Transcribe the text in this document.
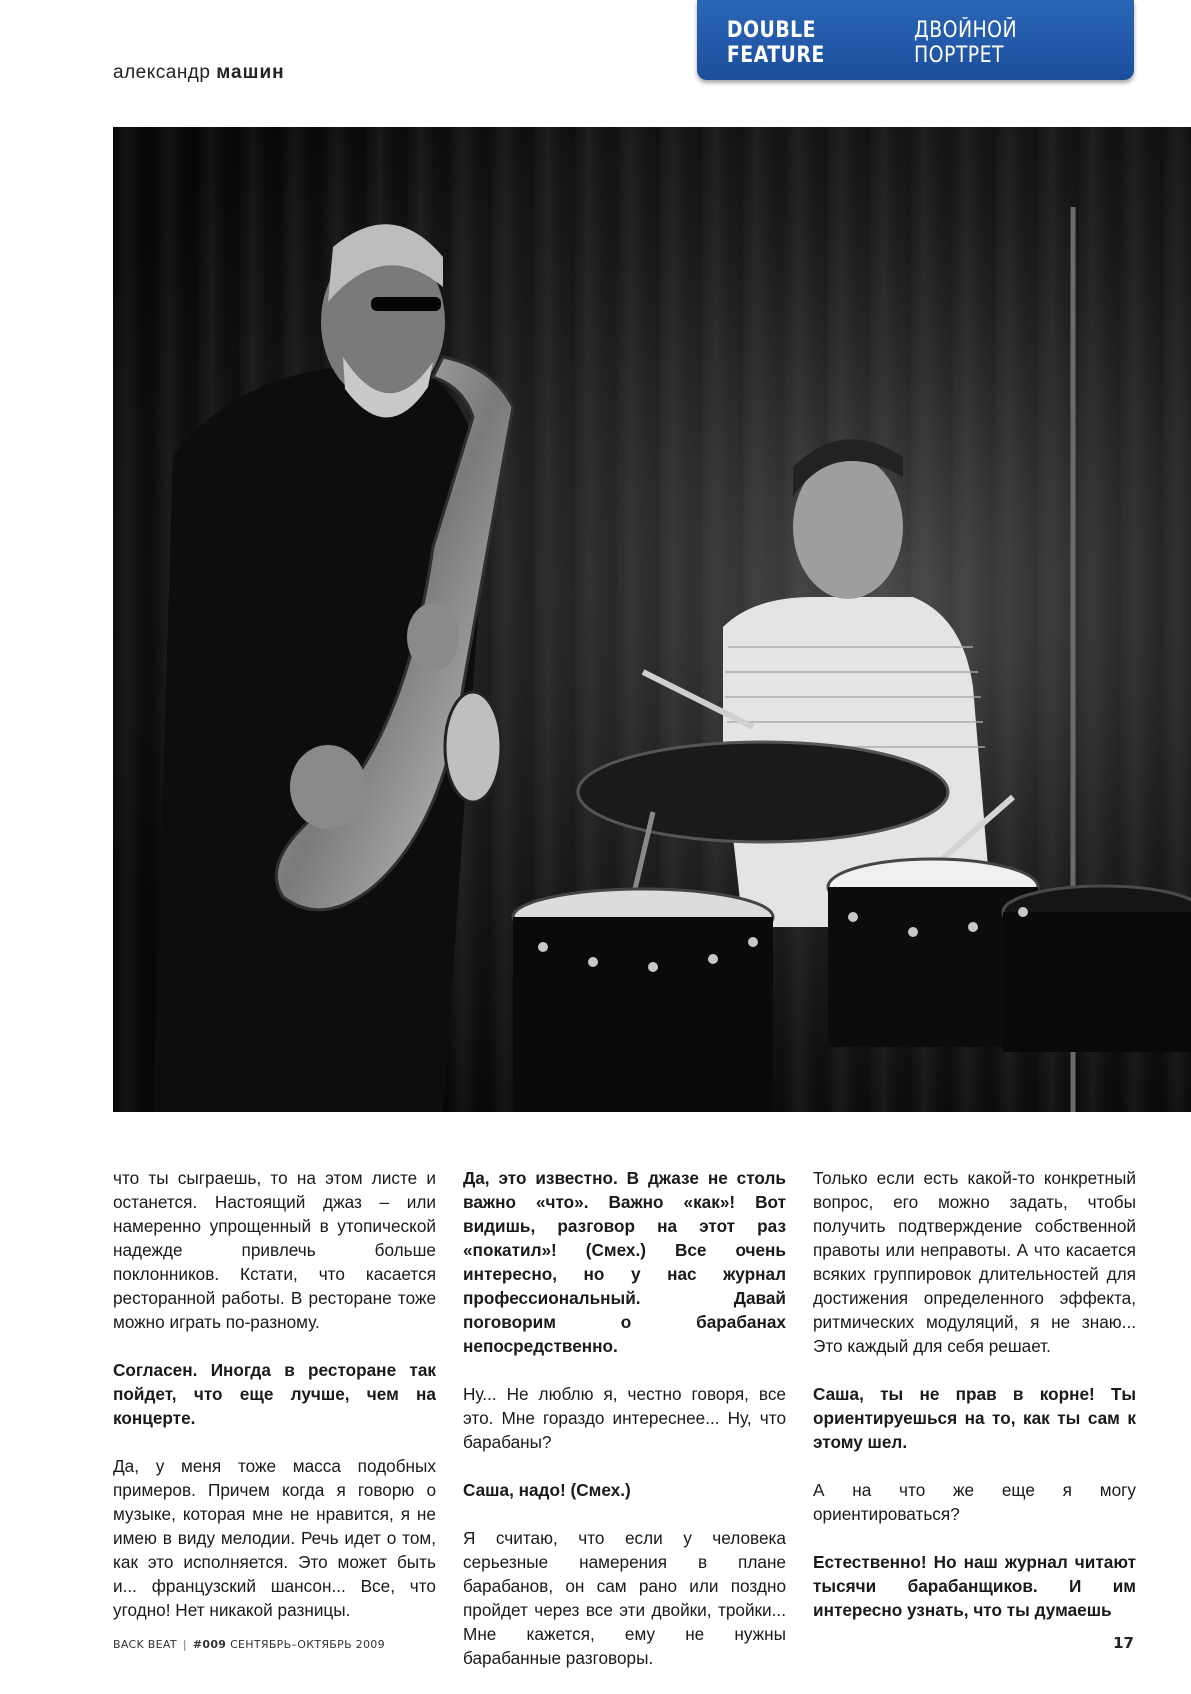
александр машин
DOUBLE FEATURE
ДВОЙНОЙ ПОРТРЕТ

что ты сыграешь, то на этом листе и останется. Настоящий джаз – или намеренно упрощенный в утопической надежде привлечь больше поклонников. Кстати, что касается ресторанной работы. В ресторане тоже можно играть по-разному.

Согласен. Иногда в ресторане так пойдет, что еще лучше, чем на концерте.

Да, у меня тоже масса подобных примеров. Причем когда я говорю о музыке, которая мне не нравится, я не имею в виду мелодии. Речь идет о том, как это исполняется. Это может быть и... французский шансон... Все, что угодно! Нет никакой разницы.

Да, это известно. В джазе не столь важно «что». Важно «как»! Вот видишь, разговор на этот раз «покатил»! (Смех.) Все очень интересно, но у нас журнал профессиональный. Давай поговорим о барабанах непосредственно.

Ну... Не люблю я, честно говоря, все это. Мне гораздо интереснее... Ну, что барабаны?

Саша, надо! (Смех.)

Я считаю, что если у человека серьезные намерения в плане барабанов, он сам рано или поздно пройдет через все эти двойки, тройки... Мне кажется, ему не нужны барабанные разговоры.

Только если есть какой-то конкретный вопрос, его можно задать, чтобы получить подтверждение собственной правоты или неправоты. А что касается всяких группировок длительностей для достижения определенного эффекта, ритмических модуляций, я не знаю... Это каждый для себя решает.

Саша, ты не прав в корне! Ты ориентируешься на то, как ты сам к этому шел.

А на что же еще я могу ориентироваться?

Естественно! Но наш журнал читают тысячи барабанщиков. И им интересно узнать, что ты думаешь

BACK BEAT | #009 СЕНТЯБРЬ–ОКТЯБРЬ 2009	17
